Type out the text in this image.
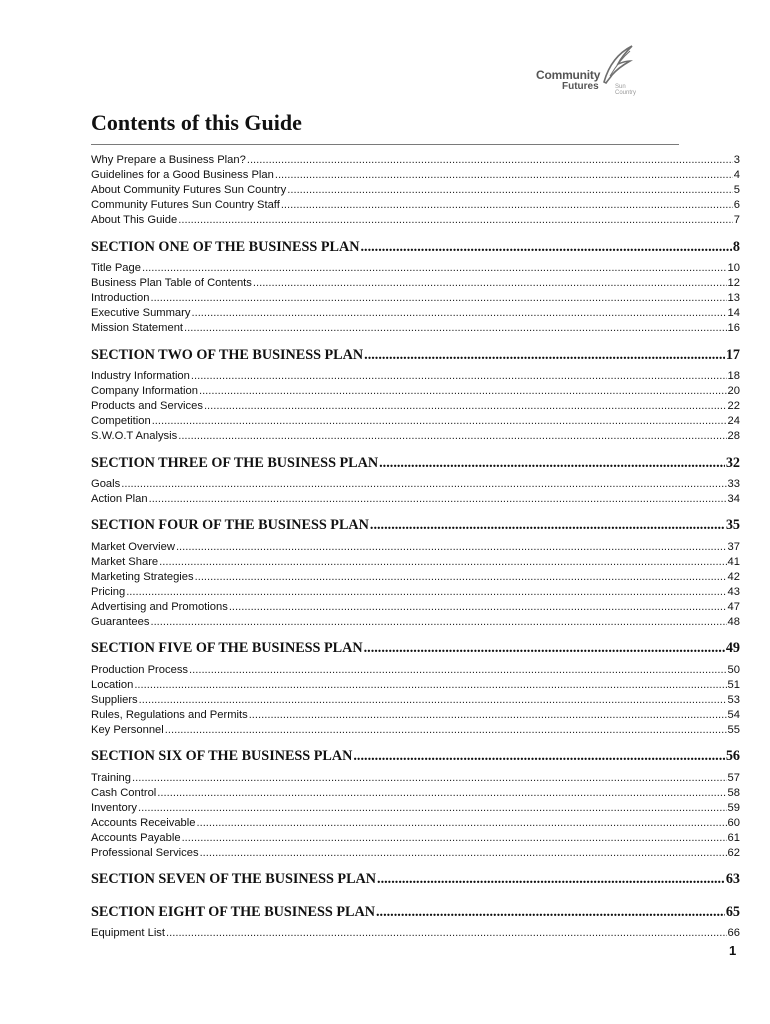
Community
Futures	Sun Country
Contents of this Guide
Why Prepare a Business Plan? .....	3
Guidelines for a Good Business Plan .....	4
About Community Futures Sun Country .....	5
Community Futures Sun Country Staff .....	6
About This Guide .....	7
SECTION ONE OF THE BUSINESS PLAN .....	8
Title Page .....	10
Business Plan Table of Contents .....	12
Introduction .....	13
Executive Summary .....	14
Mission Statement .....	16
SECTION TWO OF THE BUSINESS PLAN .....	17
Industry Information .....	18
Company Information .....	20
Products and Services .....	22
Competition .....	24
S.W.O.T Analysis .....	28
SECTION THREE OF THE BUSINESS PLAN .....	32
Goals .....	33
Action Plan .....	34
SECTION FOUR OF THE BUSINESS PLAN .....	35
Market Overview .....	37
Market Share .....	41
Marketing Strategies .....	42
Pricing .....	43
Advertising and Promotions .....	47
Guarantees .....	48
SECTION FIVE OF THE BUSINESS PLAN .....	49
Production Process .....	50
Location .....	51
Suppliers .....	53
Rules, Regulations and Permits .....	54
Key Personnel .....	55
SECTION SIX OF THE BUSINESS PLAN .....	56
Training .....	57
Cash Control .....	58
Inventory .....	59
Accounts Receivable .....	60
Accounts Payable .....	61
Professional Services .....	62
SECTION SEVEN OF THE BUSINESS PLAN .....	63
SECTION EIGHT OF THE BUSINESS PLAN .....	65
Equipment List .....	66
1
